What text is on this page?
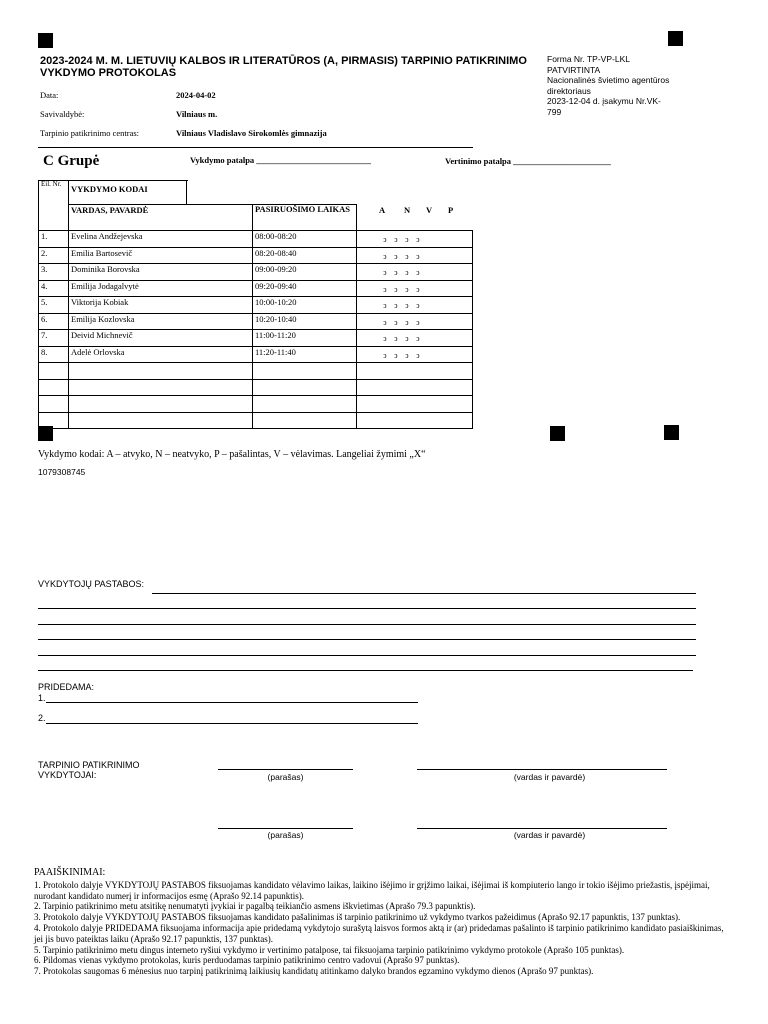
2023-2024 M. M. LIETUVIŲ KALBOS IR LITERATŪROS (A, PIRMASIS) TARPINIO PATIKRINIMO VYKDYMO PROTOKOLAS
Forma Nr. TP-VP-LKL
PATVIRTINTA
Nacionalinės švietimo agentūros
direktoriaus
2023-12-04 d. įsakymu Nr.VK-
799
Data:	2024-04-02
Savivaldybė:	Vilniaus m.
Tarpinio patikrinimo centras:	Vilniaus Vladislavo Sirokomlės gimnazija
C Grupė	Vykdymo patalpa ___________________________	Vertinimo patalpa _______________________
Eil. Nr.	VYKDYMO KODAI			
	VARDAS, PAVARDĖ		PASIRUOŠIMO LAIKAS	A N V P
1.	Evelina Andžejevska		08:00-08:20	ↄ ↄ ↄ ↄ
2.	Emilia Bartosevič		08:20-08:40	ↄ ↄ ↄ ↄ
3.	Dominika Borovska		09:00-09:20	ↄ ↄ ↄ ↄ
4.	Emilija Jodagalvytė		09:20-09:40	ↄ ↄ ↄ ↄ
5.	Viktorija Kobiak		10:00-10:20	ↄ ↄ ↄ ↄ
6.	Emilija Kozlovska		10:20-10:40	ↄ ↄ ↄ ↄ
7.	Deivid Michnevič		11:00-11:20	ↄ ↄ ↄ ↄ
8.	Adelė Orlovska		11:20-11:40	ↄ ↄ ↄ ↄ

Vykdymo kodai: A – atvyko, N – neatvyko, P – pašalintas, V – vėlavimas. Langeliai žymimi „X“
1079308745
VYKDYTOJŲ PASTABOS:
PRIDEDAMA:
1.
2.
TARPINIO PATIKRINIMO
VYKDYTOJAI:	(parašas)	(vardas ir pavardė)
(parašas)	(vardas ir pavardė)
PAAIŠKINIMAI:
1. Protokolo dalyje VYKDYTOJŲ PASTABOS fiksuojamas kandidato vėlavimo laikas, laikino išėjimo ir grįžimo laikai, išėjimai iš kompiuterio lango ir tokio išėjimo priežastis, įspėjimai, nurodant kandidato numerį ir informacijos esmę (Aprašo 92.14 papunktis).
2. Tarpinio patikrinimo metu atsitikę nenumatyti įvykiai ir pagalbą teikiančio asmens iškvietimas (Aprašo 79.3 papunktis).
3. Protokolo dalyje VYKDYTOJŲ PASTABOS fiksuojamas kandidato pašalinimas iš tarpinio patikrinimo už vykdymo tvarkos pažeidimus (Aprašo 92.17 papunktis, 137 punktas).
4. Protokolo dalyje PRIDEDAMA fiksuojama informacija apie pridedamą vykdytojo surašytą laisvos formos aktą ir (ar) pridedamas pašalinto iš tarpinio patikrinimo kandidato pasiaiškinimas, jei jis buvo pateiktas laiku (Aprašo 92.17 papunktis, 137 punktas).
5. Tarpinio patikrinimo metu dingus interneto ryšiui vykdymo ir vertinimo patalpose, tai fiksuojama tarpinio patikrinimo vykdymo protokole (Aprašo 105 punktas).
6. Pildomas vienas vykdymo protokolas, kuris perduodamas tarpinio patikrinimo centro vadovui (Aprašo 97 punktas).
7. Protokolas saugomas 6 mėnesius nuo tarpinį patikrinimą laikiusių kandidatų atitinkamo dalyko brandos egzamino vykdymo dienos (Aprašo 97 punktas).
